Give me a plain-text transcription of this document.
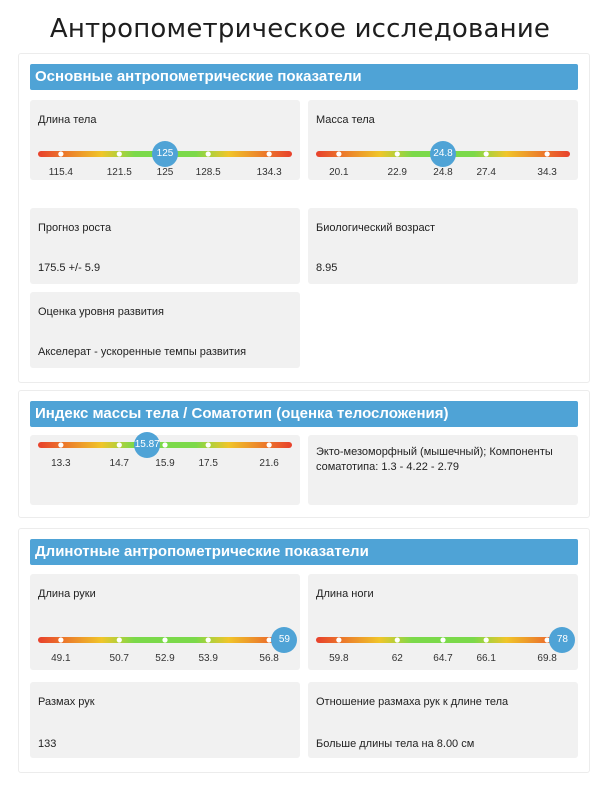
Антропометрическое исследование
Основные антропометрические показатели
Длина тела
115.4	121.5 125 128.5	134.3
125
Масса тела
20.1	22.9	24.8 27.4	34.3
24.8
Прогноз роста
175.5 +/- 5.9
Биологический возраст
8.95
Оценка уровня развития
Акселерат - ускоренные темпы развития
Индекс массы тела / Соматотип (оценка телосложения)
13.3	14.7	15.9 17.5	21.6
15.87
Экто-мезоморфный (мышечный); Компоненты соматотипа: 1.3 - 4.22 - 2.79
Длинотные антропометрические показатели
Длина руки
49.1	50.7	52.9 53.9	56.8
59
Длина ноги
59.8	62	64.7 66.1	69.8
78
Размах рук
133
Отношение размаха рук к длине тела
Больше длины тела на 8.00 см
